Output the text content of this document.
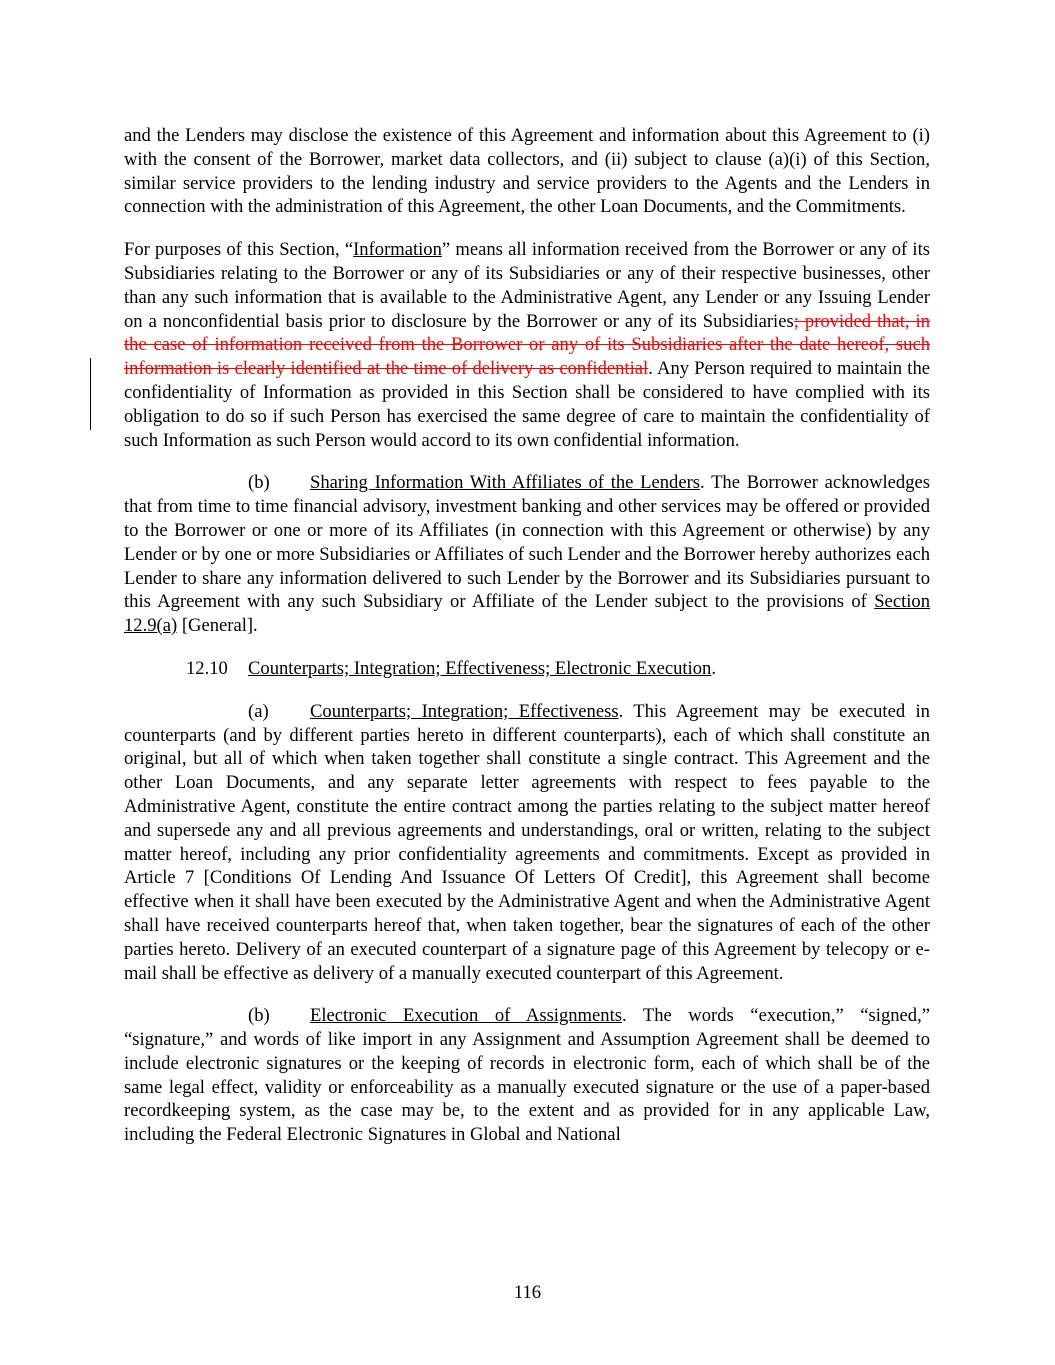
and the Lenders may disclose the existence of this Agreement and information about this Agreement to (i) with the consent of the Borrower, market data collectors, and (ii) subject to clause (a)(i) of this Section, similar service providers to the lending industry and service providers to the Agents and the Lenders in connection with the administration of this Agreement, the other Loan Documents, and the Commitments.

For purposes of this Section, “Information” means all information received from the Borrower or any of its Subsidiaries relating to the Borrower or any of its Subsidiaries or any of their respective businesses, other than any such information that is available to the Administrative Agent, any Lender or any Issuing Lender on a nonconfidential basis prior to disclosure by the Borrower or any of its Subsidiaries; provided that, in the case of information received from the Borrower or any of its Subsidiaries after the date hereof, such information is clearly identified at the time of delivery as confidential. Any Person required to maintain the confidentiality of Information as provided in this Section shall be considered to have complied with its obligation to do so if such Person has exercised the same degree of care to maintain the confidentiality of such Information as such Person would accord to its own confidential information.

(b) Sharing Information With Affiliates of the Lenders. The Borrower acknowledges that from time to time financial advisory, investment banking and other services may be offered or provided to the Borrower or one or more of its Affiliates (in connection with this Agreement or otherwise) by any Lender or by one or more Subsidiaries or Affiliates of such Lender and the Borrower hereby authorizes each Lender to share any information delivered to such Lender by the Borrower and its Subsidiaries pursuant to this Agreement with any such Subsidiary or Affiliate of the Lender subject to the provisions of Section 12.9(a) [General].

12.10 Counterparts; Integration; Effectiveness; Electronic Execution.

(a) Counterparts; Integration; Effectiveness. This Agreement may be executed in counterparts (and by different parties hereto in different counterparts), each of which shall constitute an original, but all of which when taken together shall constitute a single contract. This Agreement and the other Loan Documents, and any separate letter agreements with respect to fees payable to the Administrative Agent, constitute the entire contract among the parties relating to the subject matter hereof and supersede any and all previous agreements and understandings, oral or written, relating to the subject matter hereof, including any prior confidentiality agreements and commitments. Except as provided in Article 7 [Conditions Of Lending And Issuance Of Letters Of Credit], this Agreement shall become effective when it shall have been executed by the Administrative Agent and when the Administrative Agent shall have received counterparts hereof that, when taken together, bear the signatures of each of the other parties hereto. Delivery of an executed counterpart of a signature page of this Agreement by telecopy or e-mail shall be effective as delivery of a manually executed counterpart of this Agreement.

(b) Electronic Execution of Assignments. The words “execution,” “signed,” “signature,” and words of like import in any Assignment and Assumption Agreement shall be deemed to include electronic signatures or the keeping of records in electronic form, each of which shall be of the same legal effect, validity or enforceability as a manually executed signature or the use of a paper-based recordkeeping system, as the case may be, to the extent and as provided for in any applicable Law, including the Federal Electronic Signatures in Global and National

116
